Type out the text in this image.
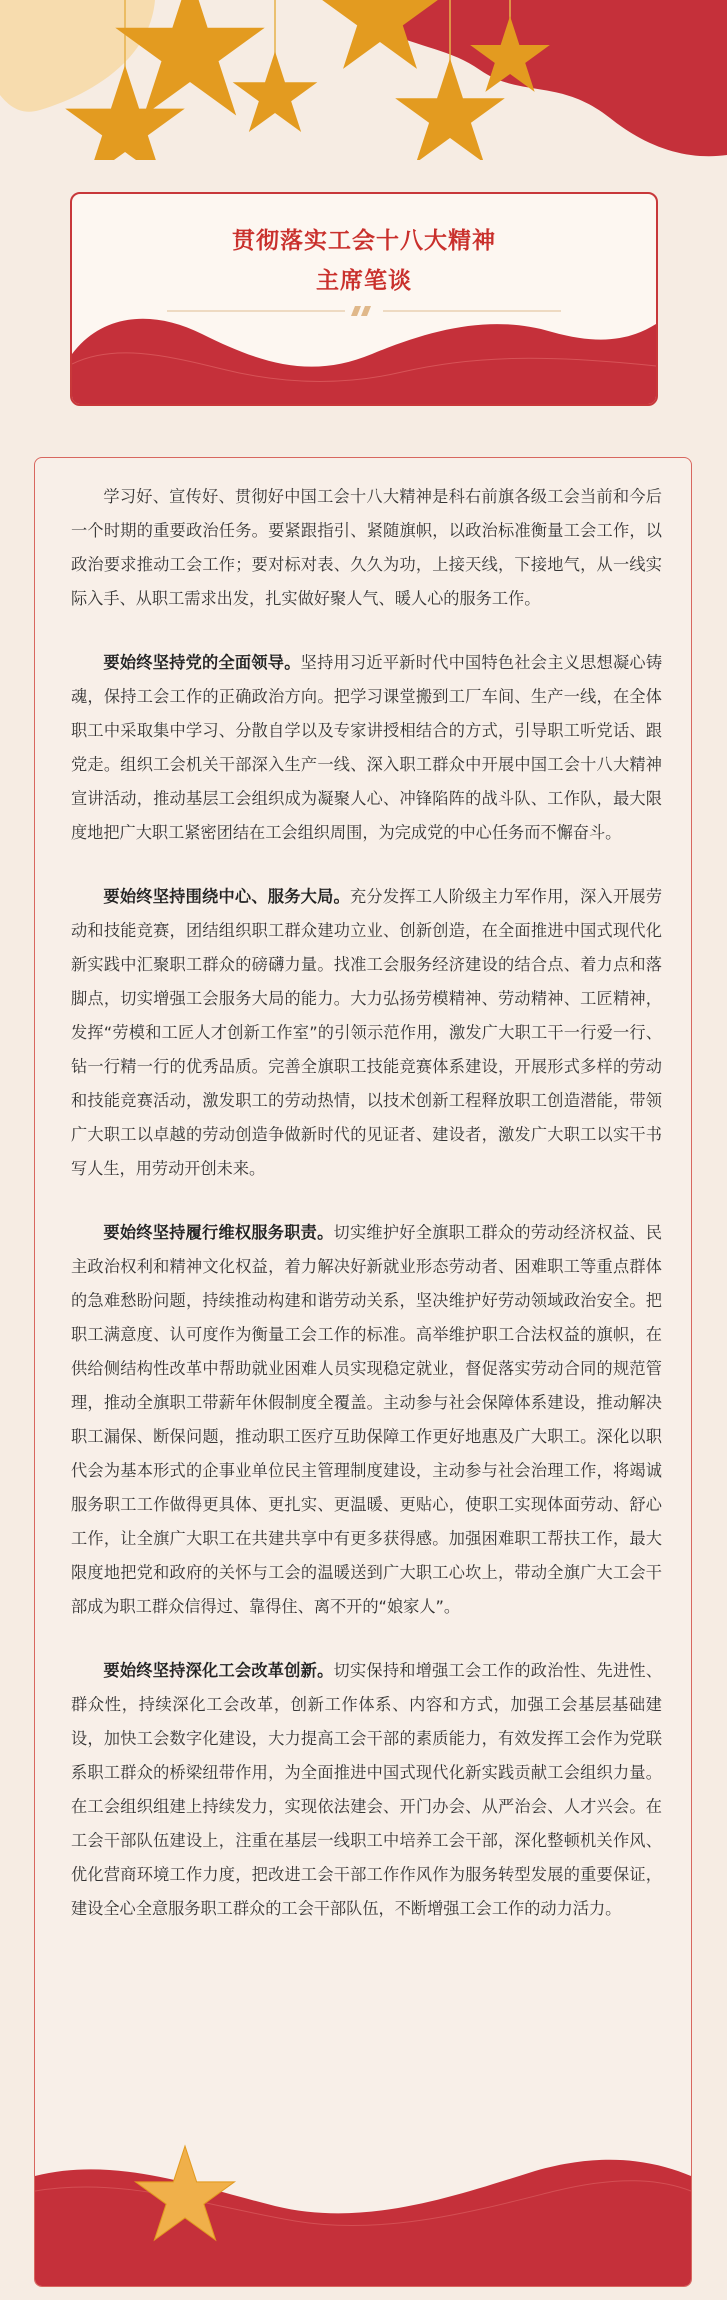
贯彻落实工会十八大精神
主席笔谈

学习好、宣传好、贯彻好中国工会十八大精神是科右前旗各级工会当前和今后一个时期的重要政治任务。要紧跟指引、紧随旗帜，以政治标准衡量工会工作，以政治要求推动工会工作；要对标对表、久久为功，上接天线，下接地气，从一线实际入手、从职工需求出发，扎实做好聚人气、暖人心的服务工作。

要始终坚持党的全面领导。坚持用习近平新时代中国特色社会主义思想凝心铸魂，保持工会工作的正确政治方向。把学习课堂搬到工厂车间、生产一线，在全体职工中采取集中学习、分散自学以及专家讲授相结合的方式，引导职工听党话、跟党走。组织工会机关干部深入生产一线、深入职工群众中开展中国工会十八大精神宣讲活动，推动基层工会组织成为凝聚人心、冲锋陷阵的战斗队、工作队，最大限度地把广大职工紧密团结在工会组织周围，为完成党的中心任务而不懈奋斗。

要始终坚持围绕中心、服务大局。充分发挥工人阶级主力军作用，深入开展劳动和技能竞赛，团结组织职工群众建功立业、创新创造，在全面推进中国式现代化新实践中汇聚职工群众的磅礴力量。找准工会服务经济建设的结合点、着力点和落脚点，切实增强工会服务大局的能力。大力弘扬劳模精神、劳动精神、工匠精神，发挥“劳模和工匠人才创新工作室”的引领示范作用，激发广大职工干一行爱一行、钻一行精一行的优秀品质。完善全旗职工技能竞赛体系建设，开展形式多样的劳动和技能竞赛活动，激发职工的劳动热情，以技术创新工程释放职工创造潜能，带领广大职工以卓越的劳动创造争做新时代的见证者、建设者，激发广大职工以实干书写人生，用劳动开创未来。

要始终坚持履行维权服务职责。切实维护好全旗职工群众的劳动经济权益、民主政治权利和精神文化权益，着力解决好新就业形态劳动者、困难职工等重点群体的急难愁盼问题，持续推动构建和谐劳动关系，坚决维护好劳动领域政治安全。把职工满意度、认可度作为衡量工会工作的标准。高举维护职工合法权益的旗帜，在供给侧结构性改革中帮助就业困难人员实现稳定就业，督促落实劳动合同的规范管理，推动全旗职工带薪年休假制度全覆盖。主动参与社会保障体系建设，推动解决职工漏保、断保问题，推动职工医疗互助保障工作更好地惠及广大职工。深化以职代会为基本形式的企事业单位民主管理制度建设，主动参与社会治理工作，将竭诚服务职工工作做得更具体、更扎实、更温暖、更贴心，使职工实现体面劳动、舒心工作，让全旗广大职工在共建共享中有更多获得感。加强困难职工帮扶工作，最大限度地把党和政府的关怀与工会的温暖送到广大职工心坎上，带动全旗广大工会干部成为职工群众信得过、靠得住、离不开的“娘家人”。

要始终坚持深化工会改革创新。切实保持和增强工会工作的政治性、先进性、群众性，持续深化工会改革，创新工作体系、内容和方式，加强工会基层基础建设，加快工会数字化建设，大力提高工会干部的素质能力，有效发挥工会作为党联系职工群众的桥梁纽带作用，为全面推进中国式现代化新实践贡献工会组织力量。在工会组织组建上持续发力，实现依法建会、开门办会、从严治会、人才兴会。在工会干部队伍建设上，注重在基层一线职工中培养工会干部，深化整顿机关作风、优化营商环境工作力度，把改进工会干部工作作风作为服务转型发展的重要保证，建设全心全意服务职工群众的工会干部队伍，不断增强工会工作的动力活力。
